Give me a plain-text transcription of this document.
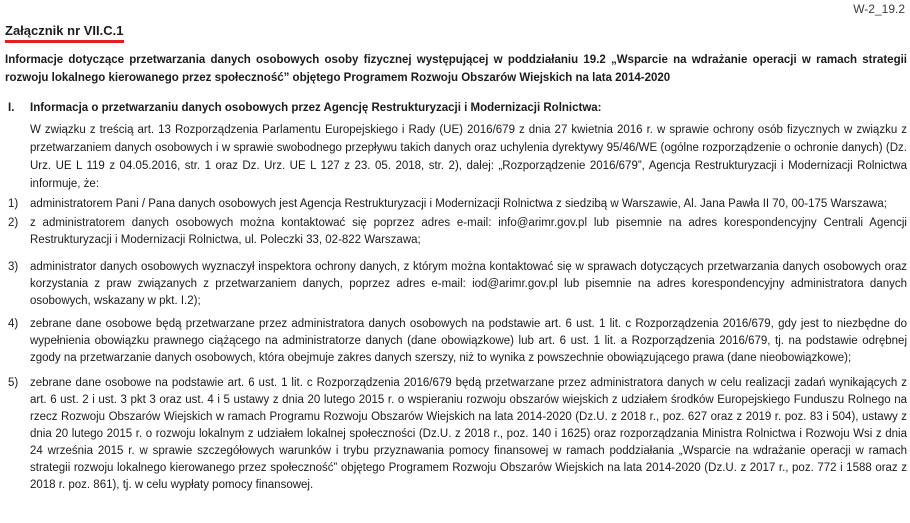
W-2_19.2
Załącznik nr VII.C.1

Informacje dotyczące przetwarzania danych osobowych osoby fizycznej występującej w poddziałaniu 19.2 „Wsparcie na wdrażanie operacji w ramach strategii rozwoju lokalnego kierowanego przez społeczność” objętego Programem Rozwoju Obszarów Wiejskich na lata 2014-2020

I.	Informacja o przetwarzaniu danych osobowych przez Agencję Restrukturyzacji i Modernizacji Rolnictwa:

W związku z treścią art. 13 Rozporządzenia Parlamentu Europejskiego i Rady (UE) 2016/679 z dnia 27 kwietnia 2016 r. w sprawie ochrony osób fizycznych w związku z przetwarzaniem danych osobowych i w sprawie swobodnego przepływu takich danych oraz uchylenia dyrektywy 95/46/WE (ogólne rozporządzenie o ochronie danych) (Dz. Urz. UE L 119 z 04.05.2016, str. 1 oraz Dz. Urz. UE L 127 z 23. 05. 2018, str. 2), dalej: „Rozporządzenie 2016/679”, Agencja Restrukturyzacji i Modernizacji Rolnictwa informuje, że:

1)	administratorem Pani / Pana danych osobowych jest Agencja Restrukturyzacji i Modernizacji Rolnictwa z siedzibą w Warszawie, Al. Jana Pawła II 70, 00-175 Warszawa;
2)	z administratorem danych osobowych można kontaktować się poprzez adres e-mail: info@arimr.gov.pl lub pisemnie na adres korespondencyjny Centrali Agencji Restrukturyzacji i Modernizacji Rolnictwa, ul. Poleczki 33, 02-822 Warszawa;
3)	administrator danych osobowych wyznaczył inspektora ochrony danych, z którym można kontaktować się w sprawach dotyczących przetwarzania danych osobowych oraz korzystania z praw związanych z przetwarzaniem danych, poprzez adres e-mail: iod@arimr.gov.pl lub pisemnie na adres korespondencyjny administratora danych osobowych, wskazany w pkt. I.2);
4)	zebrane dane osobowe będą przetwarzane przez administratora danych osobowych na podstawie art. 6 ust. 1 lit. c Rozporządzenia 2016/679, gdy jest to niezbędne do wypełnienia obowiązku prawnego ciążącego na administratorze danych (dane obowiązkowe) lub art. 6 ust. 1 lit. a Rozporządzenia 2016/679, tj. na podstawie odrębnej zgody na przetwarzanie danych osobowych, która obejmuje zakres danych szerszy, niż to wynika z powszechnie obowiązującego prawa (dane nieobowiązkowe);
5)	zebrane dane osobowe na podstawie art. 6 ust. 1 lit. c Rozporządzenia 2016/679 będą przetwarzane przez administratora danych w celu realizacji zadań wynikających z art. 6 ust. 2 i ust. 3 pkt 3 oraz ust. 4 i 5 ustawy z dnia 20 lutego 2015 r. o wspieraniu rozwoju obszarów wiejskich z udziałem środków Europejskiego Funduszu Rolnego na rzecz Rozwoju Obszarów Wiejskich w ramach Programu Rozwoju Obszarów Wiejskich na lata 2014-2020 (Dz.U. z 2018 r., poz. 627 oraz z 2019 r. poz. 83 i 504), ustawy z dnia 20 lutego 2015 r. o rozwoju lokalnym z udziałem lokalnej społeczności (Dz.U. z 2018 r., poz. 140 i 1625) oraz rozporządzania Ministra Rolnictwa i Rozwoju Wsi z dnia 24 września 2015 r. w sprawie szczegółowych warunków i trybu przyznawania pomocy finansowej w ramach poddziałania „Wsparcie na wdrażanie operacji w ramach strategii rozwoju lokalnego kierowanego przez społeczność” objętego Programem Rozwoju Obszarów Wiejskich na lata 2014-2020 (Dz.U. z 2017 r., poz. 772 i 1588 oraz z 2018 r. poz. 861), tj. w celu wypłaty pomocy finansowej.
